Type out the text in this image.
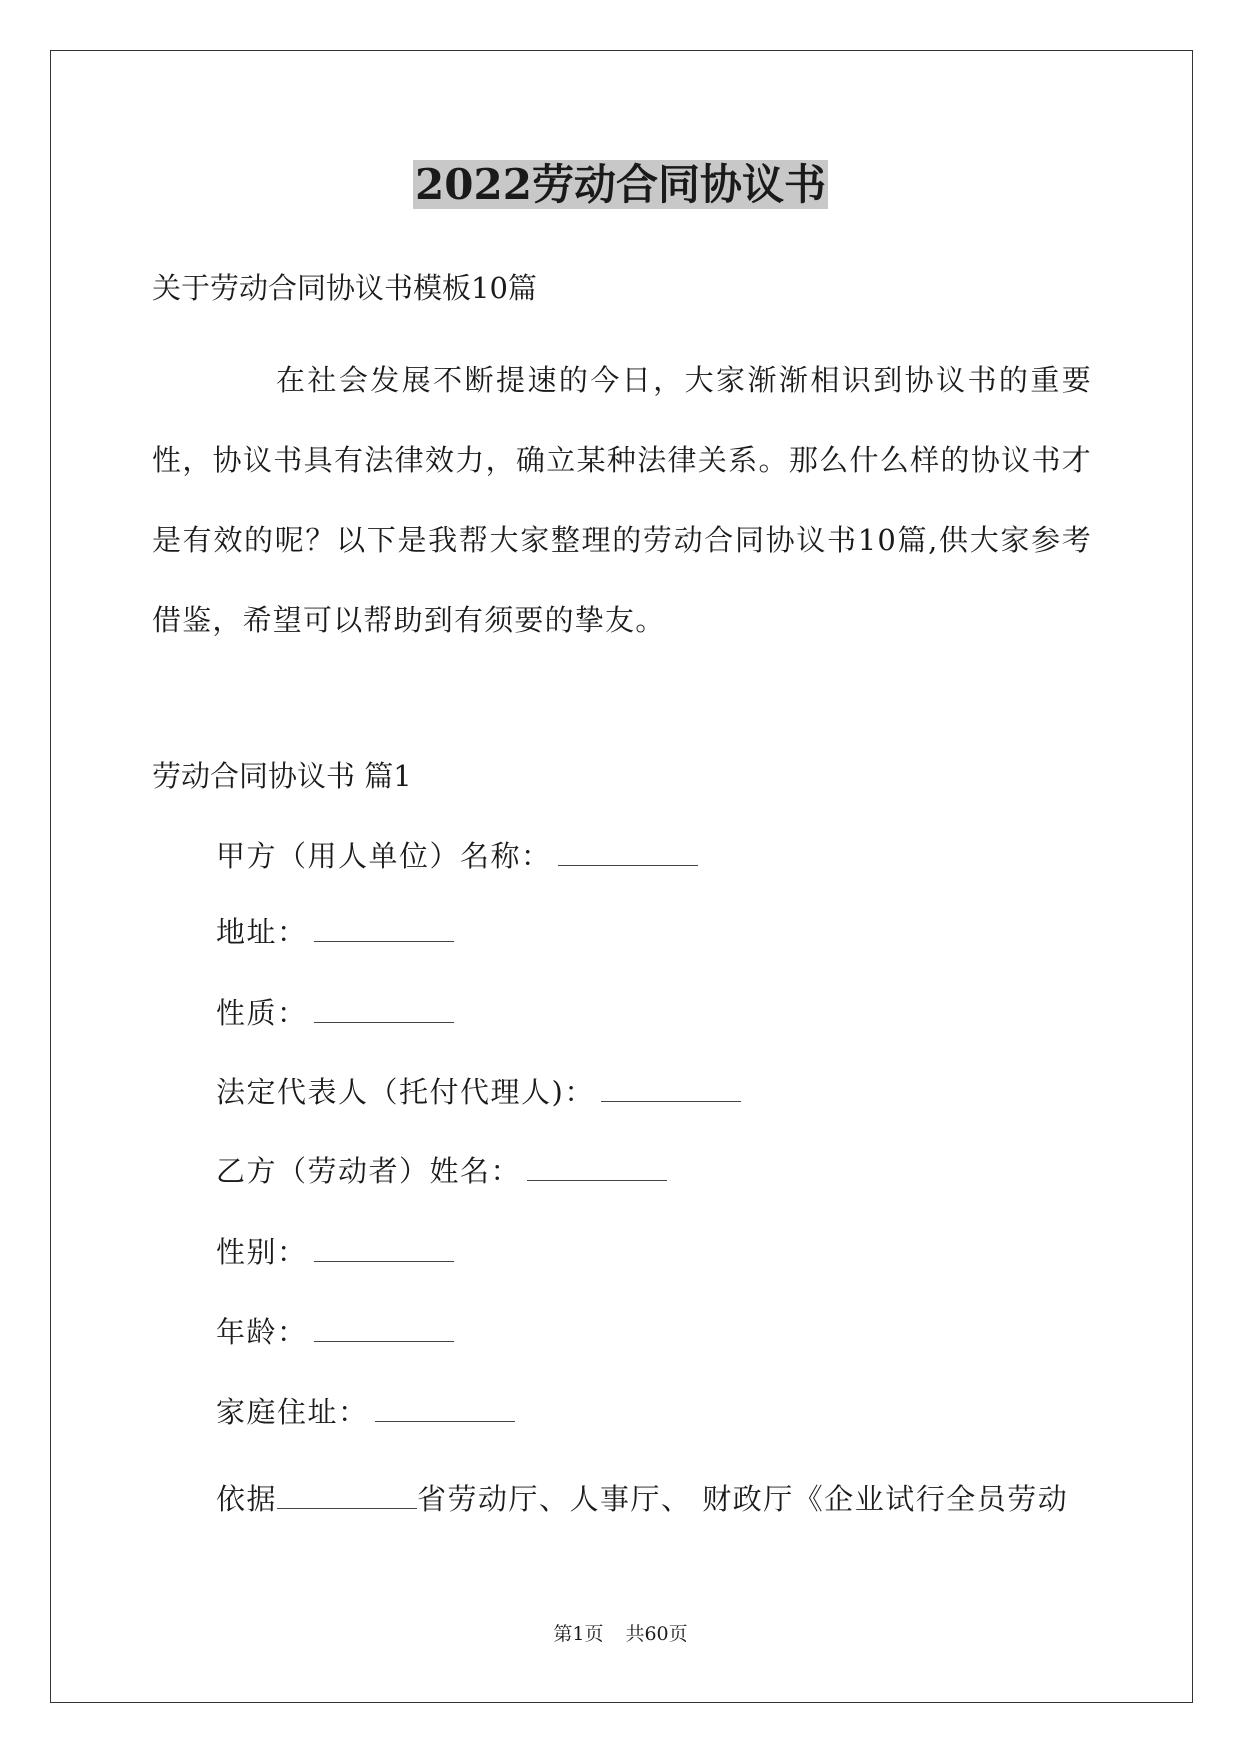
2022劳动合同协议书

关于劳动合同协议书模板10篇

在社会发展不断提速的今日，大家渐渐相识到协议书的重要性，协议书具有法律效力，确立某种法律关系。那么什么样的协议书才是有效的呢？以下是我帮大家整理的劳动合同协议书10篇,供大家参考借鉴，希望可以帮助到有须要的挚友。

劳动合同协议书 篇1

甲方（用人单位）名称：

地址：

性质：

法定代表人（托付代理人)：

乙方（劳动者）姓名：

性别：

年龄：

家庭住址：

依据	省劳动厅、人事厅、 财政厅《企业试行全员劳动

第1页 共60页
